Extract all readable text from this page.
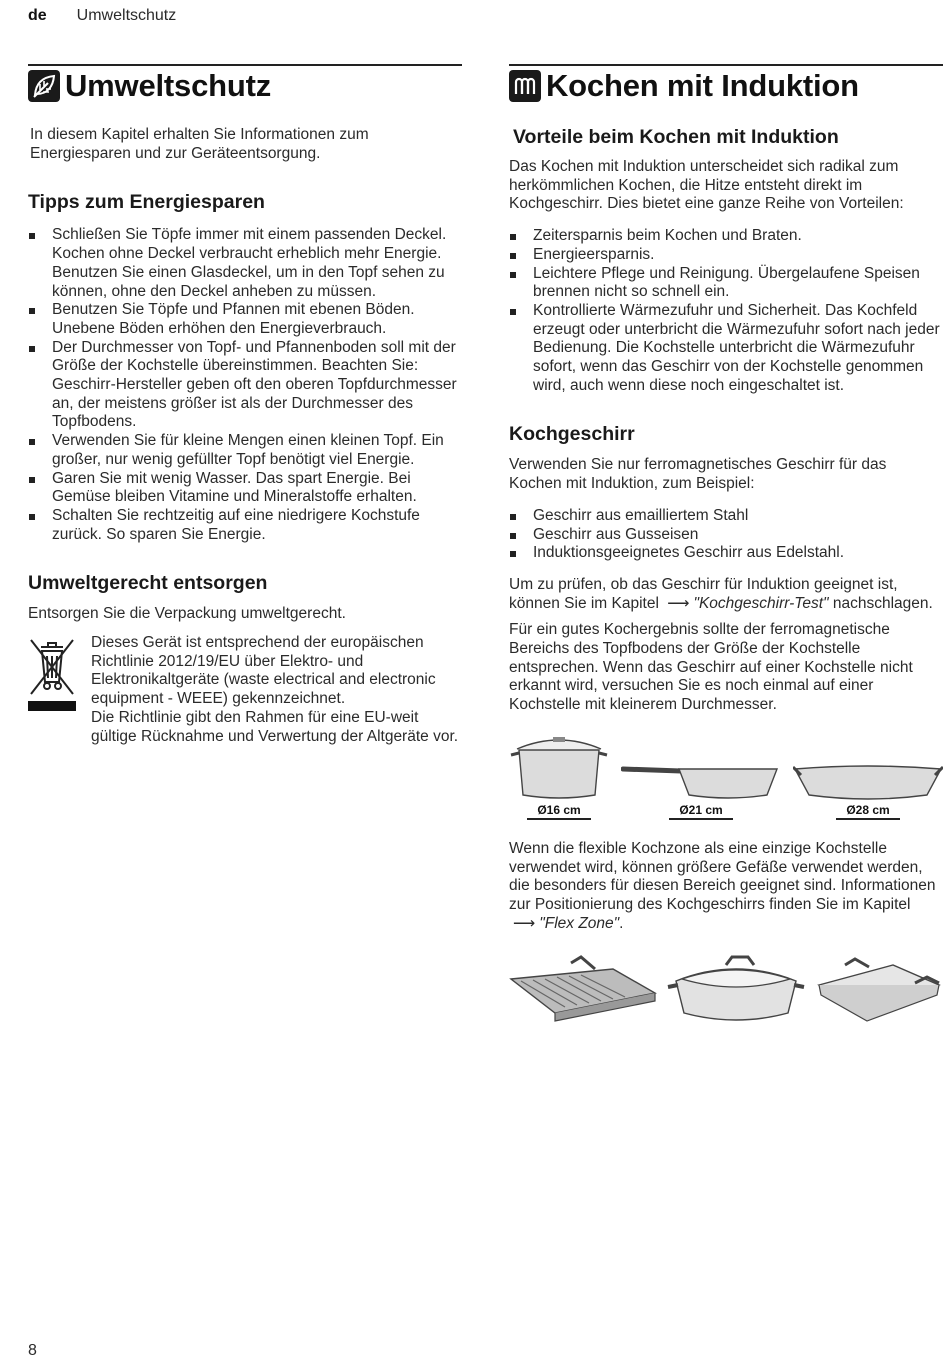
de Umweltschutz
Umweltschutz

In diesem Kapitel erhalten Sie Informationen zum Energiesparen und zur Geräteentsorgung.

Tipps zum Energiesparen
Schließen Sie Töpfe immer mit einem passenden Deckel. Kochen ohne Deckel verbraucht erheblich mehr Energie. Benutzen Sie einen Glasdeckel, um in den Topf sehen zu können, ohne den Deckel anheben zu müssen.
Benutzen Sie Töpfe und Pfannen mit ebenen Böden. Unebene Böden erhöhen den Energieverbrauch.
Der Durchmesser von Topf- und Pfannenboden soll mit der Größe der Kochstelle übereinstimmen. Beachten Sie: Geschirr-Hersteller geben oft den oberen Topfdurchmesser an, der meistens größer ist als der Durchmesser des Topfbodens.
Verwenden Sie für kleine Mengen einen kleinen Topf. Ein großer, nur wenig gefüllter Topf benötigt viel Energie.
Garen Sie mit wenig Wasser. Das spart Energie. Bei Gemüse bleiben Vitamine und Mineralstoffe erhalten.
Schalten Sie rechtzeitig auf eine niedrigere Kochstufe zurück. So sparen Sie Energie.
Umweltgerecht entsorgen

Entsorgen Sie die Verpackung umweltgerecht.

Dieses Gerät ist entsprechend der europäischen Richtlinie 2012/19/EU über Elektro- und Elektronikaltgeräte (waste electrical and electronic equipment - WEEE) gekennzeichnet.

Die Richtlinie gibt den Rahmen für eine EU-weit gültige Rücknahme und Verwertung der Altgeräte vor.

Kochen mit Induktion
Vorteile beim Kochen mit Induktion

Das Kochen mit Induktion unterscheidet sich radikal zum herkömmlichen Kochen, die Hitze entsteht direkt im Kochgeschirr. Dies bietet eine ganze Reihe von Vorteilen:

Zeitersparnis beim Kochen und Braten.
Energieersparnis.
Leichtere Pflege und Reinigung. Übergelaufene Speisen brennen nicht so schnell ein.
Kontrollierte Wärmezufuhr und Sicherheit. Das Kochfeld erzeugt oder unterbricht die Wärmezufuhr sofort nach jeder Bedienung. Die Kochstelle unterbricht die Wärmezufuhr sofort, wenn das Geschirr von der Kochstelle genommen wird, auch wenn diese noch eingeschaltet ist.
Kochgeschirr

Verwenden Sie nur ferromagnetisches Geschirr für das Kochen mit Induktion, zum Beispiel:

Geschirr aus emailliertem Stahl
Geschirr aus Gusseisen
Induktionsgeeignetes Geschirr aus Edelstahl.

Um zu prüfen, ob das Geschirr für Induktion geeignet ist, können Sie im Kapitel ⟶ "Kochgeschirr-Test" nachschlagen.

Für ein gutes Kochergebnis sollte der ferromagnetische Bereichs des Topfbodens der Größe der Kochstelle entsprechen. Wenn das Geschirr auf einer Kochstelle nicht erkannt wird, versuchen Sie es noch einmal auf einer Kochstelle mit kleinerem Durchmesser.

Ø16 cm	Ø21 cm	Ø28 cm

Wenn die flexible Kochzone als eine einzige Kochstelle verwendet wird, können größere Gefäße verwendet werden, die besonders für diesen Bereich geeignet sind. Informationen zur Positionierung des Kochgeschirrs finden Sie im Kapitel ⟶ "Flex Zone".

8
